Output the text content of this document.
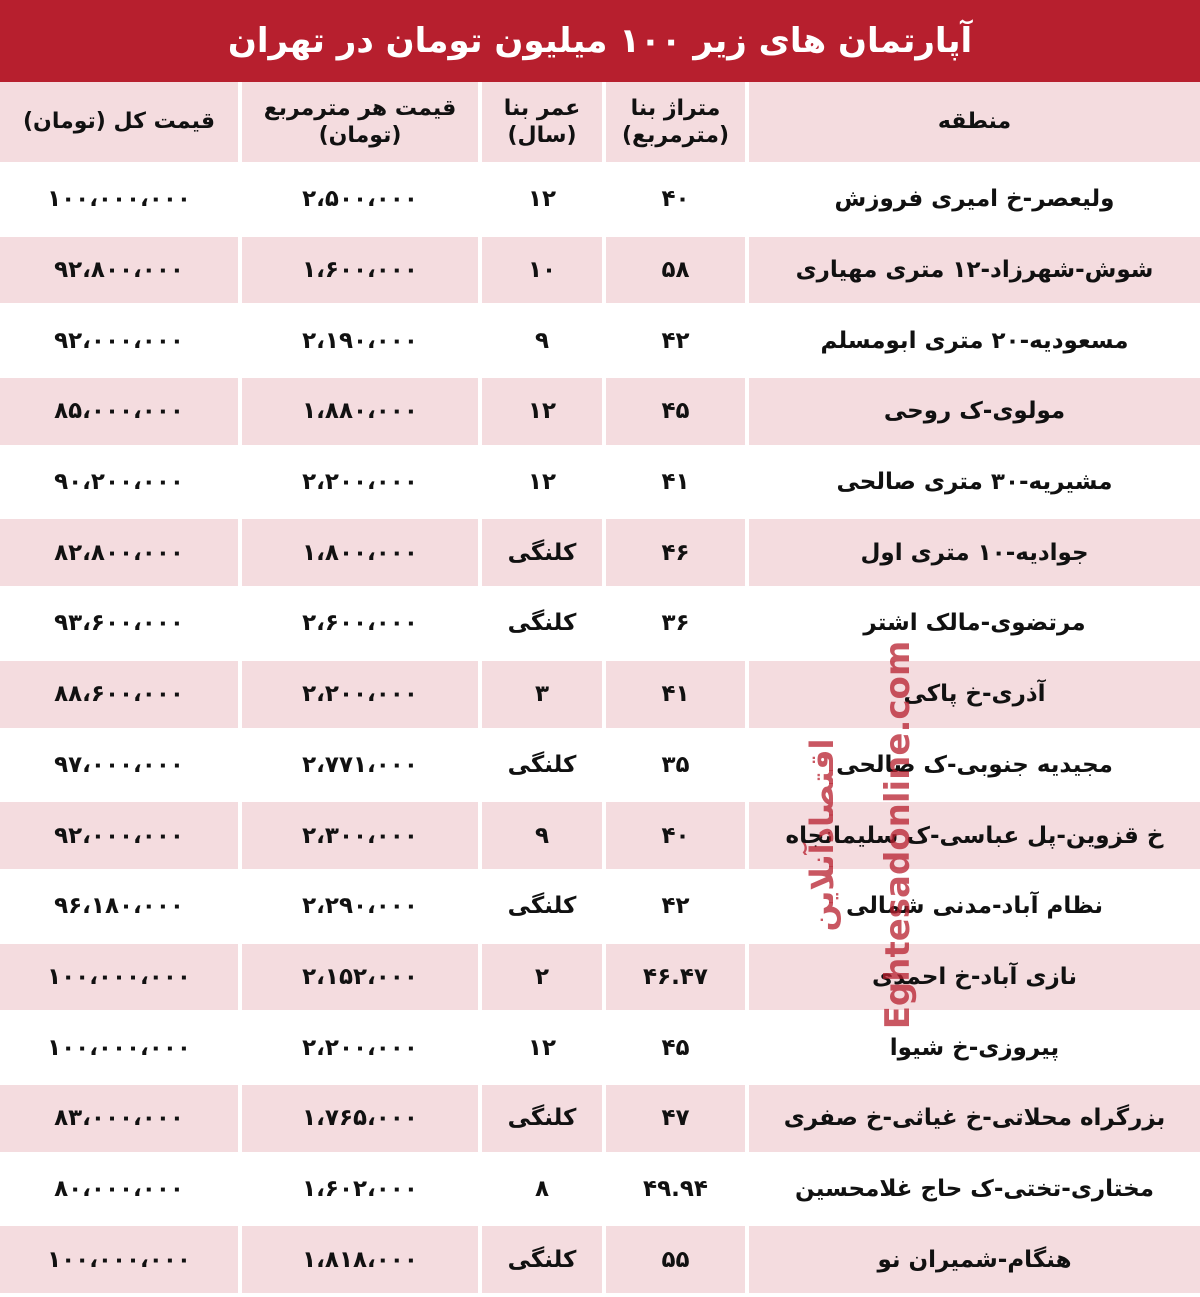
آپارتمان های زیر ۱۰۰ میلیون تومان در تهران
منطقه	متراژ بنا (مترمربع)	عمر بنا (سال)	قیمت هر مترمربع (تومان)	قیمت کل (تومان)
ولیعصر-خ امیری فروزش	۴۰	۱۲	۲،۵۰۰،۰۰۰	۱۰۰،۰۰۰،۰۰۰
شوش-شهرزاد-۱۲ متری مهیاری	۵۸	۱۰	۱،۶۰۰،۰۰۰	۹۲،۸۰۰،۰۰۰
مسعودیه-۲۰ متری ابومسلم	۴۲	۹	۲،۱۹۰،۰۰۰	۹۲،۰۰۰،۰۰۰
مولوی-ک روحی	۴۵	۱۲	۱،۸۸۰،۰۰۰	۸۵،۰۰۰،۰۰۰
مشیریه-۳۰ متری صالحی	۴۱	۱۲	۲،۲۰۰،۰۰۰	۹۰،۲۰۰،۰۰۰
جوادیه-۱۰ متری اول	۴۶	کلنگی	۱،۸۰۰،۰۰۰	۸۲،۸۰۰،۰۰۰
مرتضوی-مالک اشتر	۳۶	کلنگی	۲،۶۰۰،۰۰۰	۹۳،۶۰۰،۰۰۰
آذری-خ پاکی	۴۱	۳	۲،۲۰۰،۰۰۰	۸۸،۶۰۰،۰۰۰
مجیدیه جنوبی-ک صالحی	۳۵	کلنگی	۲،۷۷۱،۰۰۰	۹۷،۰۰۰،۰۰۰
خ قزوین-پل عباسی-ک سلیمانجاه	۴۰	۹	۲،۳۰۰،۰۰۰	۹۲،۰۰۰،۰۰۰
نظام آباد-مدنی شمالی	۴۲	کلنگی	۲،۲۹۰،۰۰۰	۹۶،۱۸۰،۰۰۰
نازی آباد-خ احمدی	۴۶.۴۷	۲	۲،۱۵۲،۰۰۰	۱۰۰،۰۰۰،۰۰۰
پیروزی-خ شیوا	۴۵	۱۲	۲،۲۰۰،۰۰۰	۱۰۰،۰۰۰،۰۰۰
بزرگراه محلاتی-خ غیاثی-خ صفری	۴۷	کلنگی	۱،۷۶۵،۰۰۰	۸۳،۰۰۰،۰۰۰
مختاری-تختی-ک حاج غلامحسین	۴۹.۹۴	۸	۱،۶۰۲،۰۰۰	۸۰،۰۰۰،۰۰۰
هنگام-شمیران نو	۵۵	کلنگی	۱،۸۱۸،۰۰۰	۱۰۰،۰۰۰،۰۰۰
اقتصادآنلاین Eghtesadonline.com
